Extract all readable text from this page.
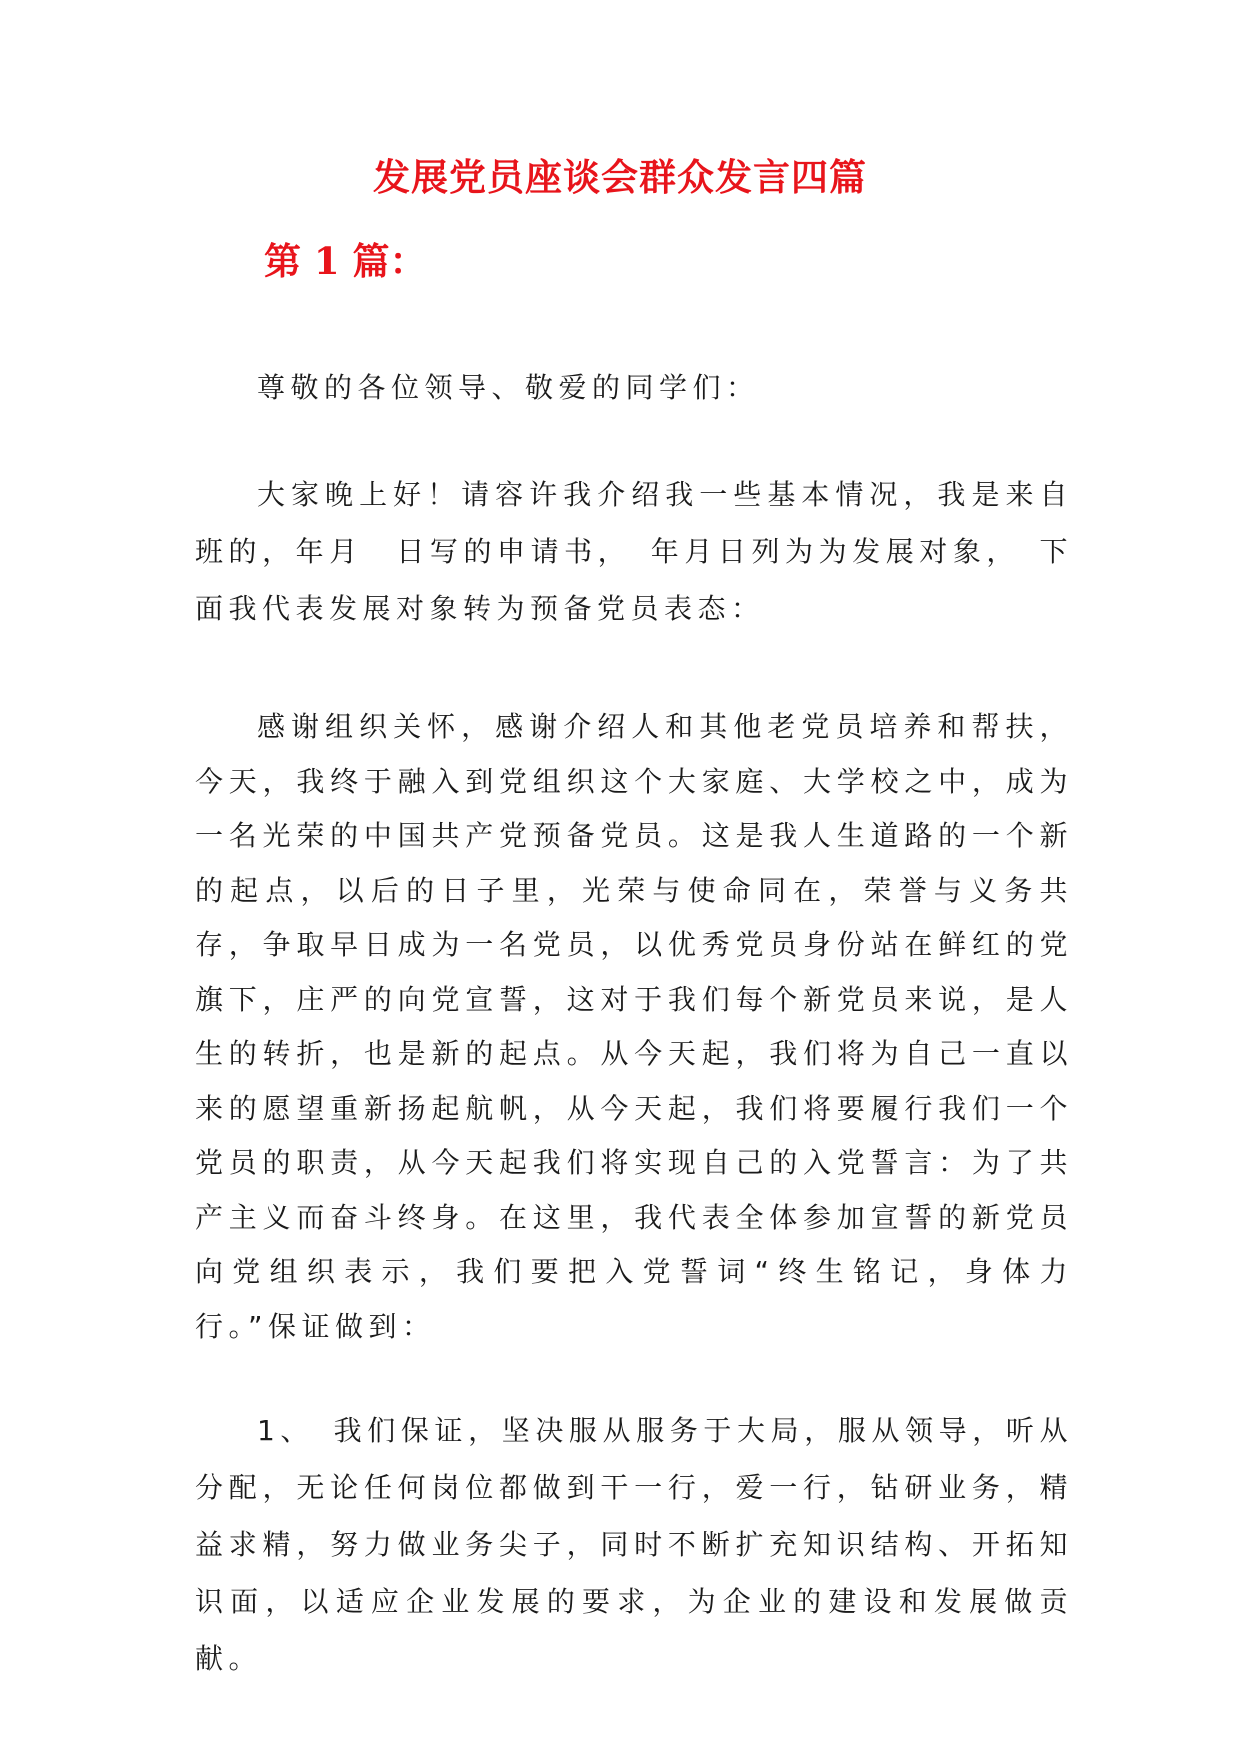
发展党员座谈会群众发言四篇
第 1 篇：

尊敬的各位领导、敬爱的同学们：

大家晚上好！请容许我介绍我一些基本情况，我是来自班的，年月　日写的申请书，　年月日列为为发展对象，　下面我代表发展对象转为预备党员表态：

感谢组织关怀，感谢介绍人和其他老党员培养和帮扶，今天，我终于融入到党组织这个大家庭、大学校之中，成为一名光荣的中国共产党预备党员。这是我人生道路的一个新的起点，以后的日子里，光荣与使命同在，荣誉与义务共存，争取早日成为一名党员，以优秀党员身份站在鲜红的党旗下，庄严的向党宣誓，这对于我们每个新党员来说，是人生的转折，也是新的起点。从今天起，我们将为自己一直以来的愿望重新扬起航帆，从今天起，我们将要履行我们一个党员的职责，从今天起我们将实现自己的入党誓言：为了共产主义而奋斗终身。在这里，我代表全体参加宣誓的新党员向党组织表示，我们要把入党誓词“终生铭记，身体力行。”保证做到：

1、　我们保证，坚决服从服务于大局，服从领导，听从分配，无论任何岗位都做到干一行，爱一行，钻研业务，精益求精，努力做业务尖子，同时不断扩充知识结构、开拓知识面，以适应企业发展的要求，为企业的建设和发展做贡献。
